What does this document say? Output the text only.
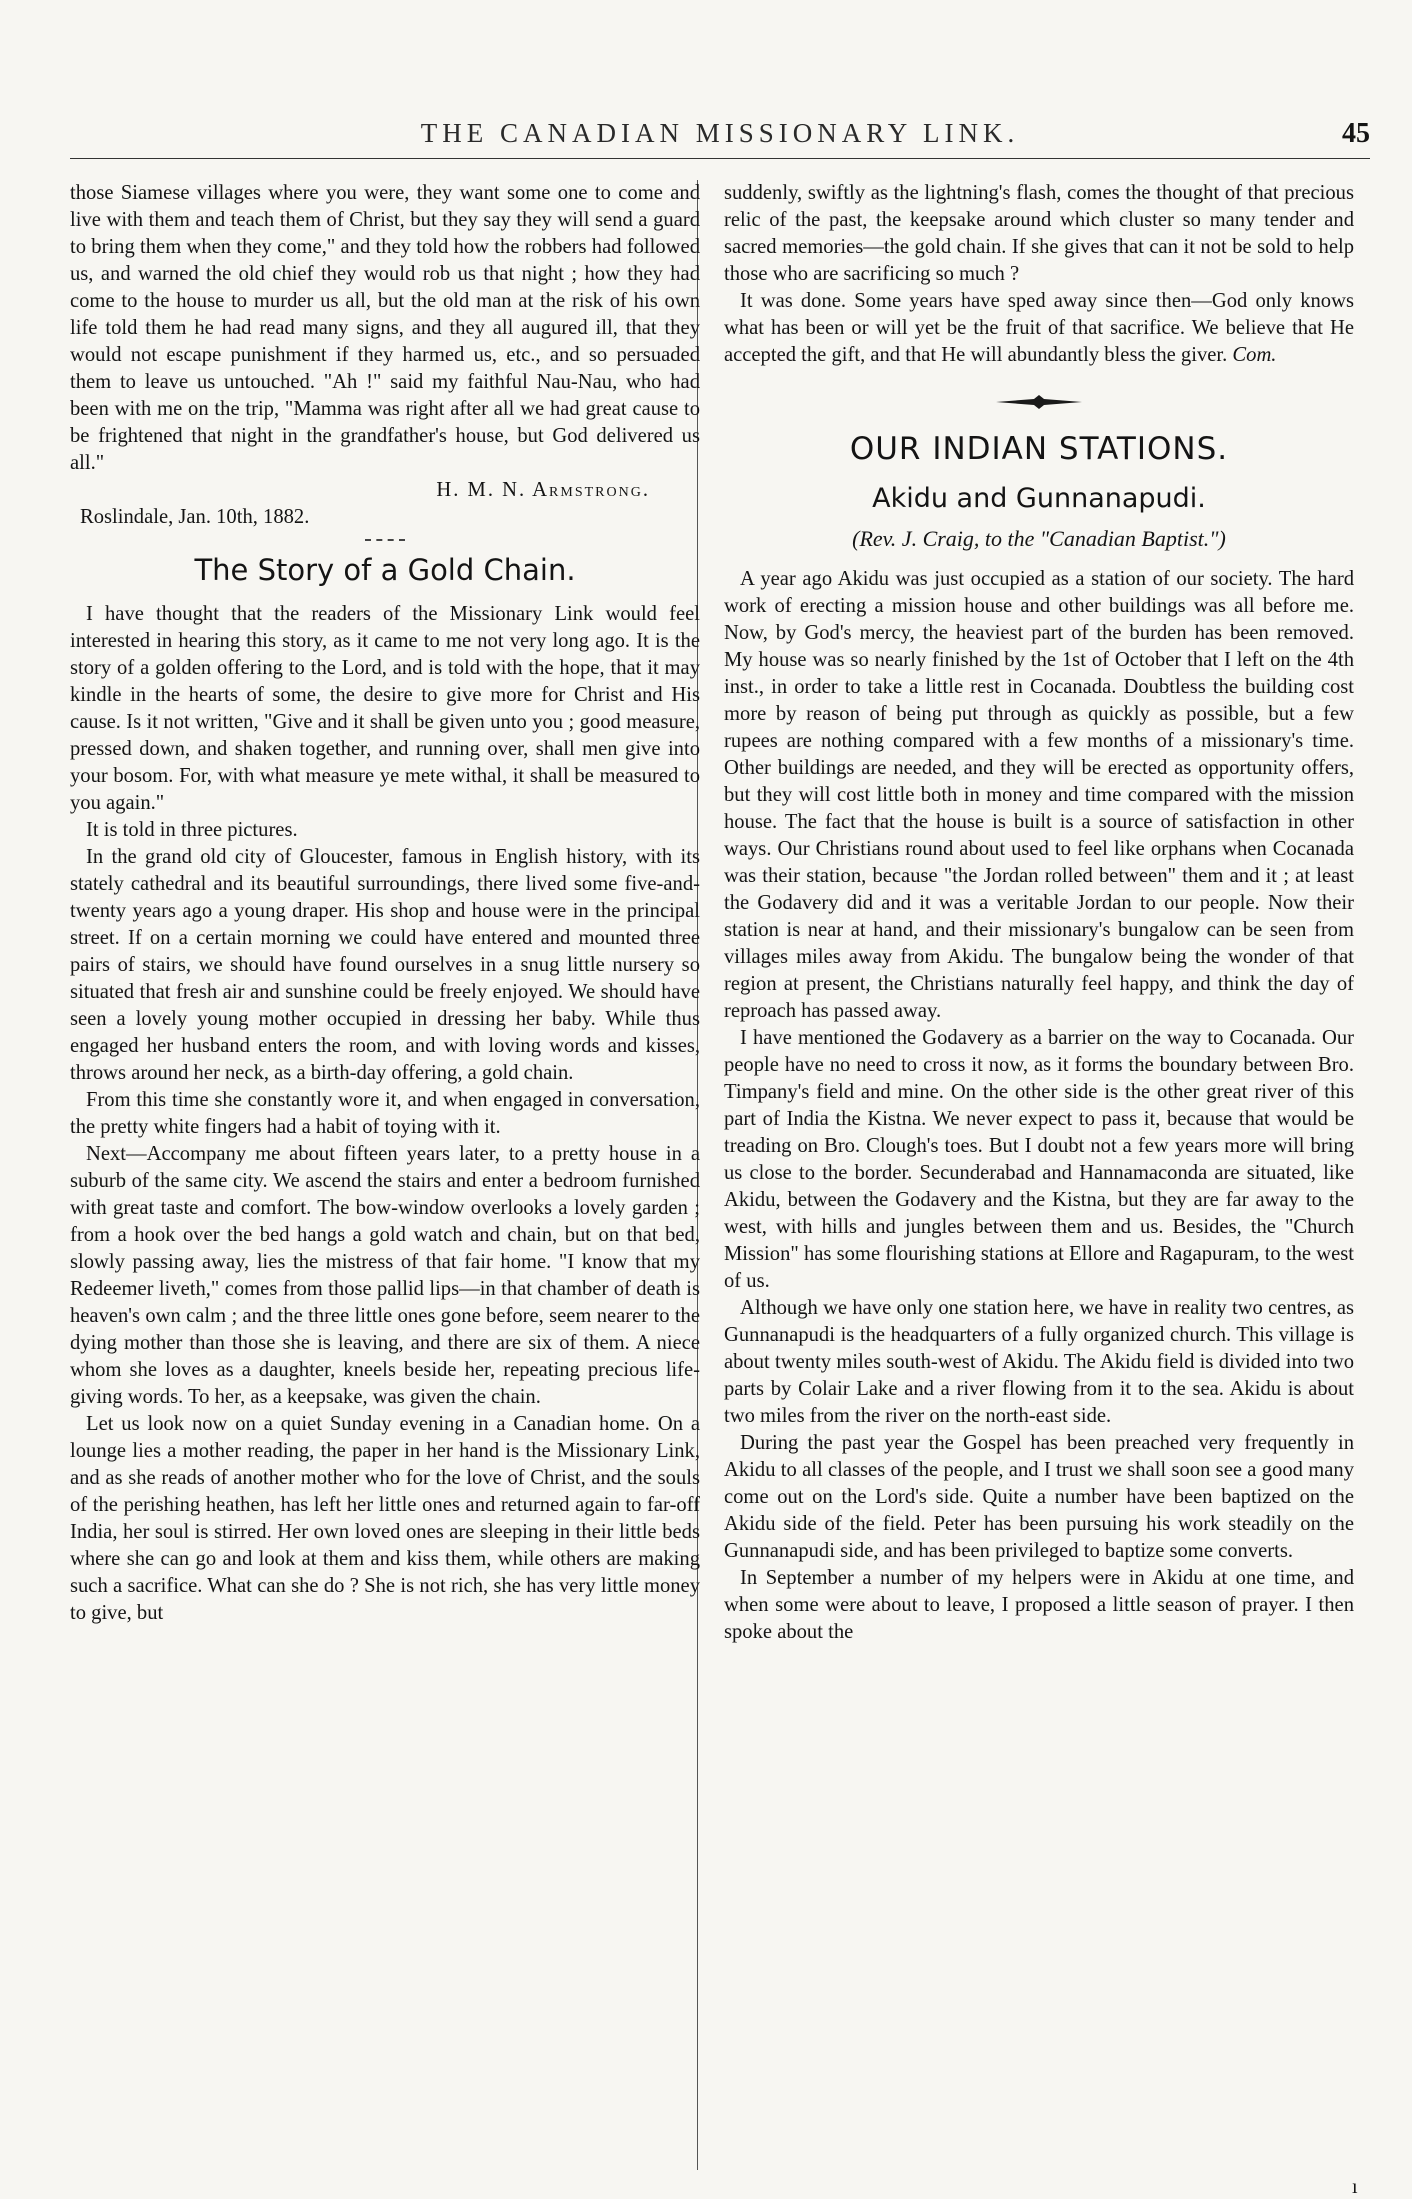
THE CANADIAN MISSIONARY LINK.	45

those Siamese villages where you were, they want some one to come and live with them and teach them of Christ, but they say they will send a guard to bring them when they come," and they told how the robbers had followed us, and warned the old chief they would rob us that night ; how they had come to the house to murder us all, but the old man at the risk of his own life told them he had read many signs, and they all augured ill, that they would not escape punishment if they harmed us, etc., and so persuaded them to leave us untouched. "Ah !" said my faithful Nau-Nau, who had been with me on the trip, "Mamma was right after all we had great cause to be frightened that night in the grandfather's house, but God delivered us all."

H. M. N. Armstrong.
Roslindale, Jan. 10th, 1882.
The Story of a Gold Chain.

I have thought that the readers of the Missionary Link would feel interested in hearing this story, as it came to me not very long ago. It is the story of a golden offering to the Lord, and is told with the hope, that it may kindle in the hearts of some, the desire to give more for Christ and His cause. Is it not written, "Give and it shall be given unto you ; good measure, pressed down, and shaken together, and running over, shall men give into your bosom. For, with what measure ye mete withal, it shall be measured to you again."

It is told in three pictures.

In the grand old city of Gloucester, famous in English history, with its stately cathedral and its beautiful surroundings, there lived some five-and-twenty years ago a young draper. His shop and house were in the principal street. If on a certain morning we could have entered and mounted three pairs of stairs, we should have found ourselves in a snug little nursery so situated that fresh air and sunshine could be freely enjoyed. We should have seen a lovely young mother occupied in dressing her baby. While thus engaged her husband enters the room, and with loving words and kisses, throws around her neck, as a birth-day offering, a gold chain.

From this time she constantly wore it, and when engaged in conversation, the pretty white fingers had a habit of toying with it.

Next—Accompany me about fifteen years later, to a pretty house in a suburb of the same city. We ascend the stairs and enter a bedroom furnished with great taste and comfort. The bow-window overlooks a lovely garden ; from a hook over the bed hangs a gold watch and chain, but on that bed, slowly passing away, lies the mistress of that fair home. "I know that my Redeemer liveth," comes from those pallid lips—in that chamber of death is heaven's own calm ; and the three little ones gone before, seem nearer to the dying mother than those she is leaving, and there are six of them. A niece whom she loves as a daughter, kneels beside her, repeating precious life-giving words. To her, as a keepsake, was given the chain.

Let us look now on a quiet Sunday evening in a Canadian home. On a lounge lies a mother reading, the paper in her hand is the Missionary Link, and as she reads of another mother who for the love of Christ, and the souls of the perishing heathen, has left her little ones and returned again to far-off India, her soul is stirred. Her own loved ones are sleeping in their little beds where she can go and look at them and kiss them, while others are making such a sacrifice. What can she do ? She is not rich, she has very little money to give, but

suddenly, swiftly as the lightning's flash, comes the thought of that precious relic of the past, the keepsake around which cluster so many tender and sacred memories—the gold chain. If she gives that can it not be sold to help those who are sacrificing so much ?

It was done. Some years have sped away since then—God only knows what has been or will yet be the fruit of that sacrifice. We believe that He accepted the gift, and that He will abundantly bless the giver. Com.

OUR INDIAN STATIONS.
Akidu and Gunnanapudi.
(Rev. J. Craig, to the "Canadian Baptist.")

A year ago Akidu was just occupied as a station of our society. The hard work of erecting a mission house and other buildings was all before me. Now, by God's mercy, the heaviest part of the burden has been removed. My house was so nearly finished by the 1st of October that I left on the 4th inst., in order to take a little rest in Cocanada. Doubtless the building cost more by reason of being put through as quickly as possible, but a few rupees are nothing compared with a few months of a missionary's time. Other buildings are needed, and they will be erected as opportunity offers, but they will cost little both in money and time compared with the mission house. The fact that the house is built is a source of satisfaction in other ways. Our Christians round about used to feel like orphans when Cocanada was their station, because "the Jordan rolled between" them and it ; at least the Godavery did and it was a veritable Jordan to our people. Now their station is near at hand, and their missionary's bungalow can be seen from villages miles away from Akidu. The bungalow being the wonder of that region at present, the Christians naturally feel happy, and think the day of reproach has passed away.

I have mentioned the Godavery as a barrier on the way to Cocanada. Our people have no need to cross it now, as it forms the boundary between Bro. Timpany's field and mine. On the other side is the other great river of this part of India the Kistna. We never expect to pass it, because that would be treading on Bro. Clough's toes. But I doubt not a few years more will bring us close to the border. Secunderabad and Hannamaconda are situated, like Akidu, between the Godavery and the Kistna, but they are far away to the west, with hills and jungles between them and us. Besides, the "Church Mission" has some flourishing stations at Ellore and Ragapuram, to the west of us.

Although we have only one station here, we have in reality two centres, as Gunnanapudi is the headquarters of a fully organized church. This village is about twenty miles south-west of Akidu. The Akidu field is divided into two parts by Colair Lake and a river flowing from it to the sea. Akidu is about two miles from the river on the north-east side.

During the past year the Gospel has been preached very frequently in Akidu to all classes of the people, and I trust we shall soon see a good many come out on the Lord's side. Quite a number have been baptized on the Akidu side of the field. Peter has been pursuing his work steadily on the Gunnanapudi side, and has been privileged to baptize some converts.

In September a number of my helpers were in Akidu at one time, and when some were about to leave, I proposed a little season of prayer. I then spoke about the

ı
